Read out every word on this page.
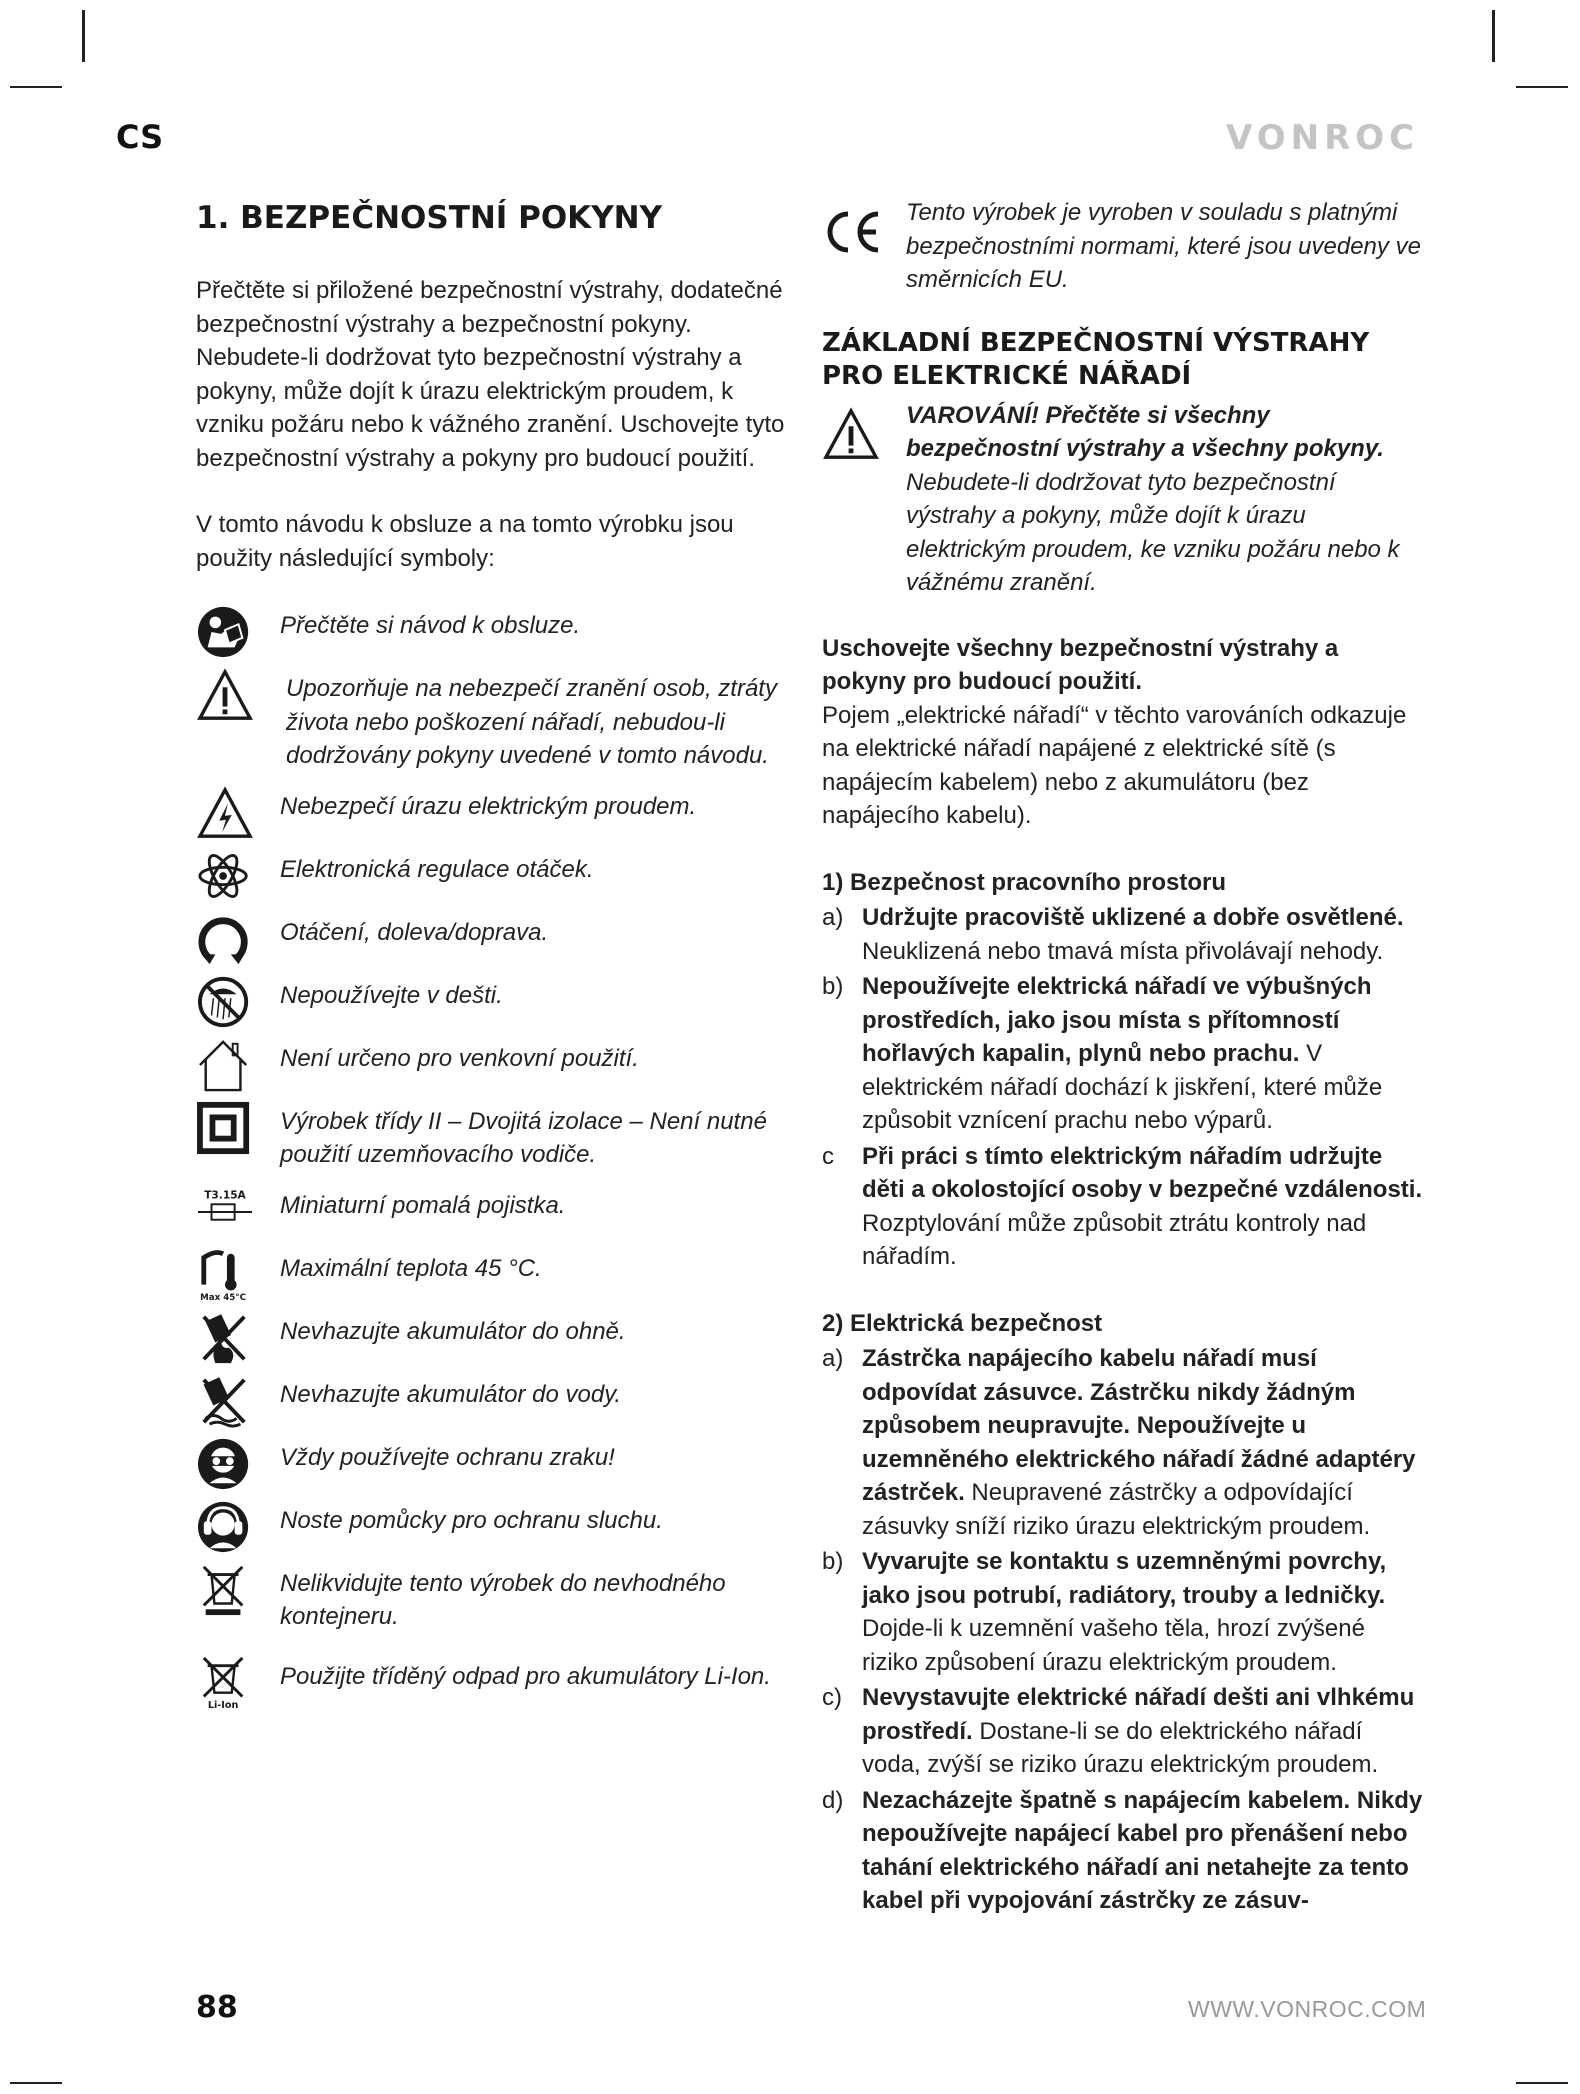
CS	VONROC
1. BEZPEČNOSTNÍ POKYNY

Přečtěte si přiložené bezpečnostní výstrahy, dodatečné bezpečnostní výstrahy a bezpečnostní pokyny. Nebudete-li dodržovat tyto bezpečnostní výstrahy a pokyny, může dojít k úrazu elektrickým proudem, k vzniku požáru nebo k vážného zranění. Uschovejte tyto bezpečnostní výstrahy a pokyny pro budoucí použití.

V tomto návodu k obsluze a na tomto výrobku jsou použity následující symboly:

Přečtěte si návod k obsluze.
Upozorňuje na nebezpečí zranění osob, ztráty života nebo poškození nářadí, nebudou-li dodržovány pokyny uvedené v tomto návodu.
Nebezpečí úrazu elektrickým proudem.
Elektronická regulace otáček.
Otáčení, doleva/doprava.
Nepoužívejte v dešti.
Není určeno pro venkovní použití.
Výrobek třídy II – Dvojitá izolace – Není nutné použití uzemňovacího vodiče.
T3.15A Miniaturní pomalá pojistka.
Max 45°C
Maximální teplota 45 °C.
Nevhazujte akumulátor do ohně.
Nevhazujte akumulátor do vody.
Vždy používejte ochranu zraku!
Noste pomůcky pro ochranu sluchu.
Nelikvidujte tento výrobek do nevhodného kontejneru.
Li-Ion
Použijte tříděný odpad pro akumulátory Li-Ion.
CE	Tento výrobek je vyroben v souladu s platnými bezpečnostními normami, které jsou uvedeny ve směrnicích EU.
ZÁKLADNÍ BEZPEČNOSTNÍ VÝSTRAHY PRO ELEKTRICKÉ NÁŘADÍ
VAROVÁNÍ! Přečtěte si všechny bezpečnostní výstrahy a všechny pokyny. Nebudete-li dodržovat tyto bezpečnostní výstrahy a pokyny, může dojít k úrazu elektrickým proudem, ke vzniku požáru nebo k vážnému zranění.

Uschovejte všechny bezpečnostní výstrahy a pokyny pro budoucí použití.

Pojem „elektrické nářadí“ v těchto varováních odkazuje na elektrické nářadí napájené z elektrické sítě (s napájecím kabelem) nebo z akumulátoru (bez napájecího kabelu).

1) Bezpečnost pracovního prostoru
a) Udržujte pracoviště uklizené a dobře osvětlené. Neuklizená nebo tmavá místa přivolávají nehody.
b) Nepoužívejte elektrická nářadí ve výbušných prostředích, jako jsou místa s přítomností hořlavých kapalin, plynů nebo prachu. V elektrickém nářadí dochází k jiskření, které může způsobit vznícení prachu nebo výparů.
c	Při práci s tímto elektrickým nářadím udržujte děti a okolostojící osoby v bezpečné vzdálenosti. Rozptylování může způsobit ztrátu kontroly nad nářadím.
2) Elektrická bezpečnost
a) Zástrčka napájecího kabelu nářadí musí odpovídat zásuvce. Zástrčku nikdy žádným způsobem neupravujte. Nepoužívejte u uzemněného elektrického nářadí žádné adaptéry zástrček. Neupravené zástrčky a odpovídající zásuvky sníží riziko úrazu elektrickým proudem.
b) Vyvarujte se kontaktu s uzemněnými povrchy, jako jsou potrubí, radiátory, trouby a ledničky. Dojde-li k uzemnění vašeho těla, hrozí zvýšené riziko způsobení úrazu elektrickým proudem.
c) Nevystavujte elektrické nářadí dešti ani vlhkému prostředí. Dostane-li se do elektrického nářadí voda, zvýší se riziko úrazu elektrickým proudem.
d) Nezacházejte špatně s napájecím kabelem. Nikdy nepoužívejte napájecí kabel pro přenášení nebo tahání elektrického nářadí ani netahejte za tento kabel při vypojování zástrčky ze zásuv-
88	WWW.VONROC.COM
